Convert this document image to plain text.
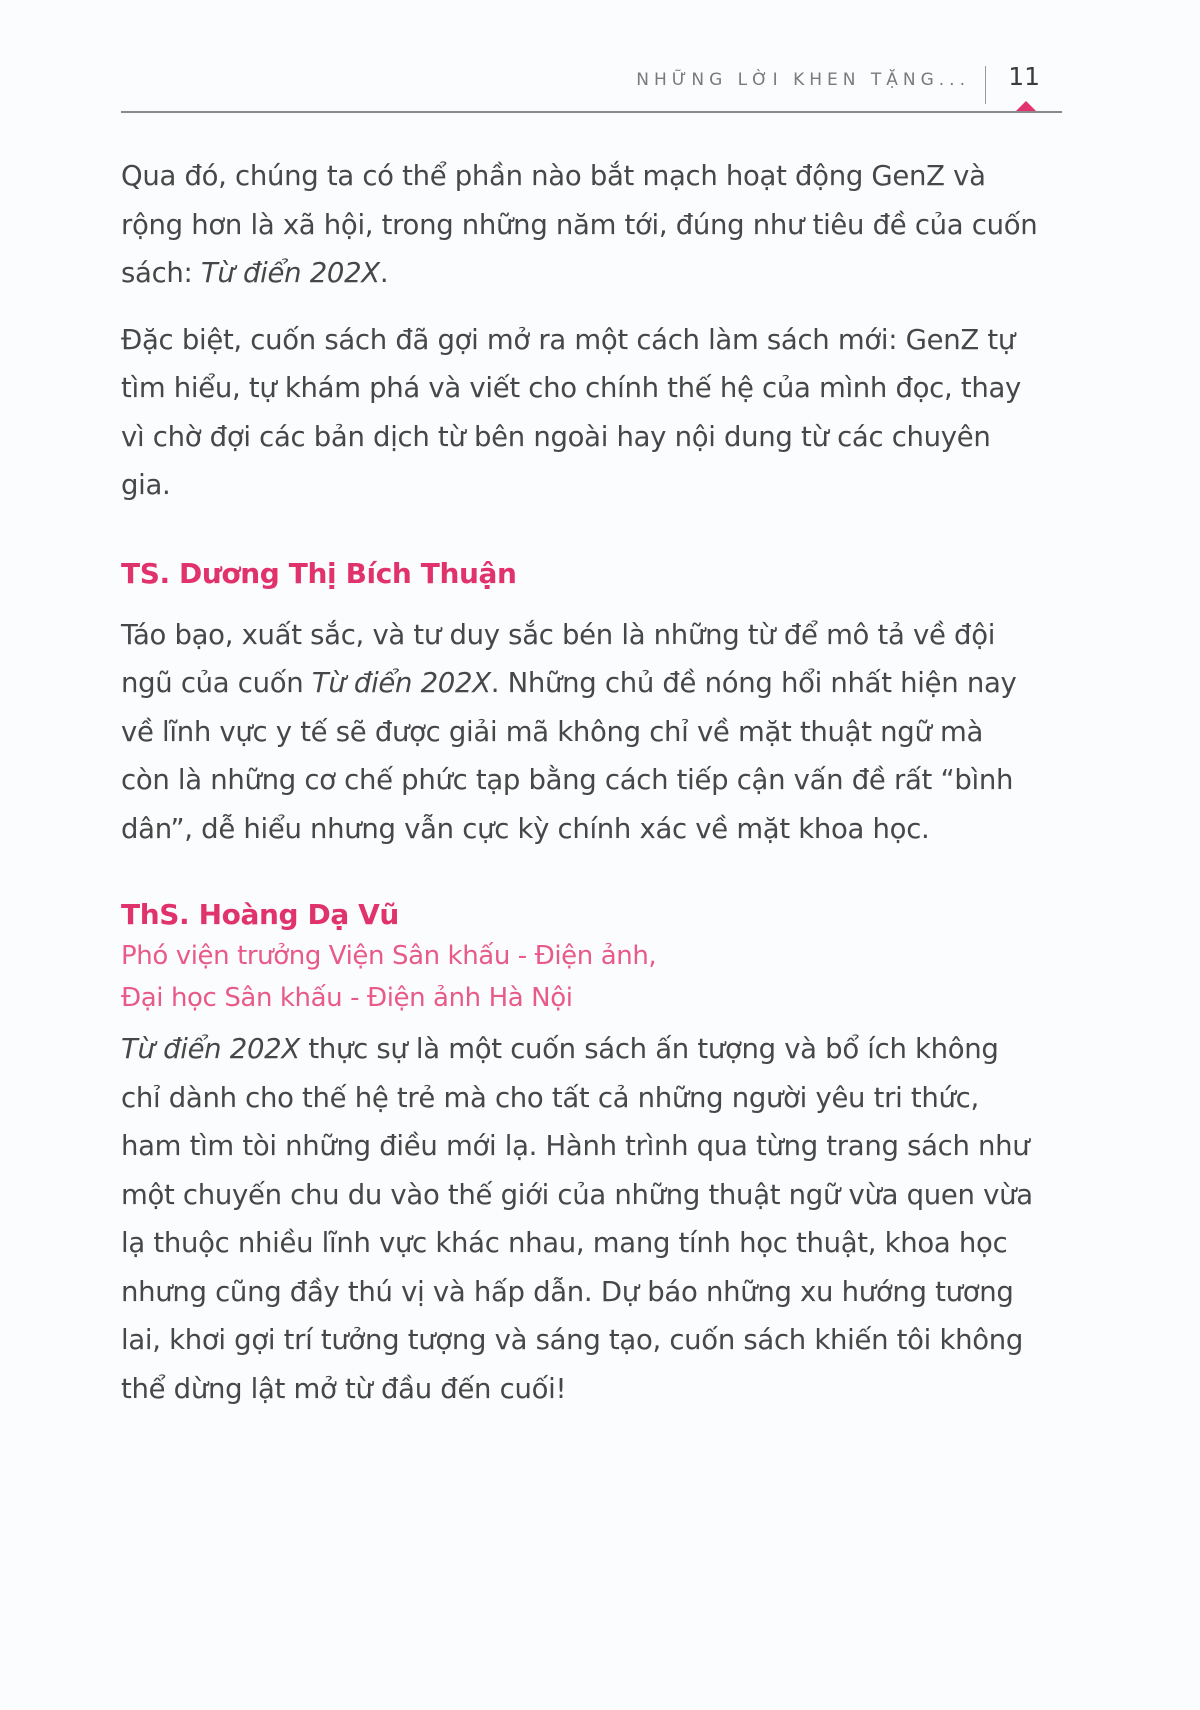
NHỮNG LỜI KHEN TẶNG... 11

Qua đó, chúng ta có thể phần nào bắt mạch hoạt động GenZ và rộng hơn là xã hội, trong những năm tới, đúng như tiêu đề của cuốn sách: Từ điển 202X.

Đặc biệt, cuốn sách đã gợi mở ra một cách làm sách mới: GenZ tự tìm hiểu, tự khám phá và viết cho chính thế hệ của mình đọc, thay vì chờ đợi các bản dịch từ bên ngoài hay nội dung từ các chuyên gia.

TS. Dương Thị Bích Thuận

Táo bạo, xuất sắc, và tư duy sắc bén là những từ để mô tả về đội ngũ của cuốn Từ điển 202X. Những chủ đề nóng hổi nhất hiện nay về lĩnh vực y tế sẽ được giải mã không chỉ về mặt thuật ngữ mà còn là những cơ chế phức tạp bằng cách tiếp cận vấn đề rất “bình dân”, dễ hiểu nhưng vẫn cực kỳ chính xác về mặt khoa học.

ThS. Hoàng Dạ Vũ

Phó viện trưởng Viện Sân khấu - Điện ảnh,
Đại học Sân khấu - Điện ảnh Hà Nội

Từ điển 202X thực sự là một cuốn sách ấn tượng và bổ ích không chỉ dành cho thế hệ trẻ mà cho tất cả những người yêu tri thức, ham tìm tòi những điều mới lạ. Hành trình qua từng trang sách như một chuyến chu du vào thế giới của những thuật ngữ vừa quen vừa lạ thuộc nhiều lĩnh vực khác nhau, mang tính học thuật, khoa học nhưng cũng đầy thú vị và hấp dẫn. Dự báo những xu hướng tương lai, khơi gợi trí tưởng tượng và sáng tạo, cuốn sách khiến tôi không thể dừng lật mở từ đầu đến cuối!
